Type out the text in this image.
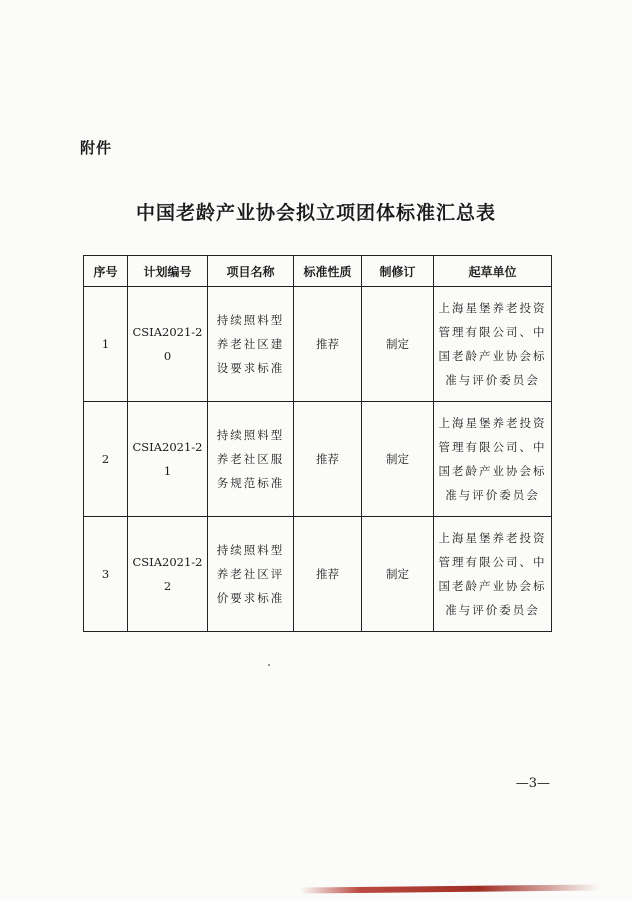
附件
中国老龄产业协会拟立项团体标准汇总表
序号	计划编号	项目名称	标准性质	制修订	起草单位
1	CSIA2021-20	持续照料型养老社区建设要求标准	推荐	制定	上海星堡养老投资管理有限公司、中国老龄产业协会标准与评价委员会

2	CSIA2021-21	持续照料型养老社区服务规范标准	推荐	制定	上海星堡养老投资管理有限公司、中国老龄产业协会标准与评价委员会

3	CSIA2021-22	持续照料型养老社区评价要求标准	推荐	制定	上海星堡养老投资管理有限公司、中国老龄产业协会标准与评价委员会
—3—
